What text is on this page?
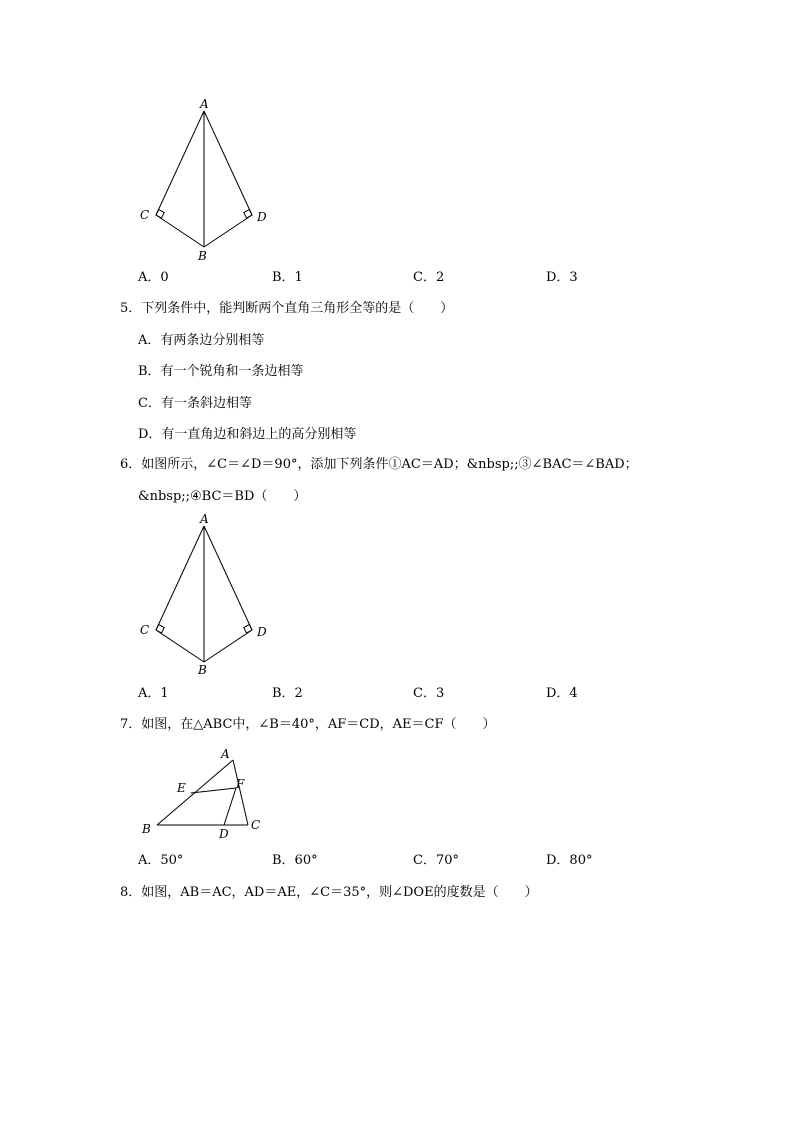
A
C	D
B
A．0	B．1	C．2	D．3
5．下列条件中，能判断两个直角三角形全等的是（　　）
A．有两条边分别相等
B．有一个锐角和一条边相等
C．有一条斜边相等
D．有一直角边和斜边上的高分别相等
6．如图所示，∠C＝∠D＝90°，添加下列条件①AC＝AD；&nbsp;;③∠BAC＝∠BAD；
&nbsp;;④BC＝BD（　　）
A
C	D
B
A．1	B．2	C．3	D．4
7．如图，在△ABC中，∠B＝40°，AF＝CD，AE＝CF（　　）
A
E	F
B	D
C
A．50°	B．60°	C．70°	D．80°
8．如图，AB＝AC，AD＝AE，∠C＝35°，则∠DOE的度数是（　　）
